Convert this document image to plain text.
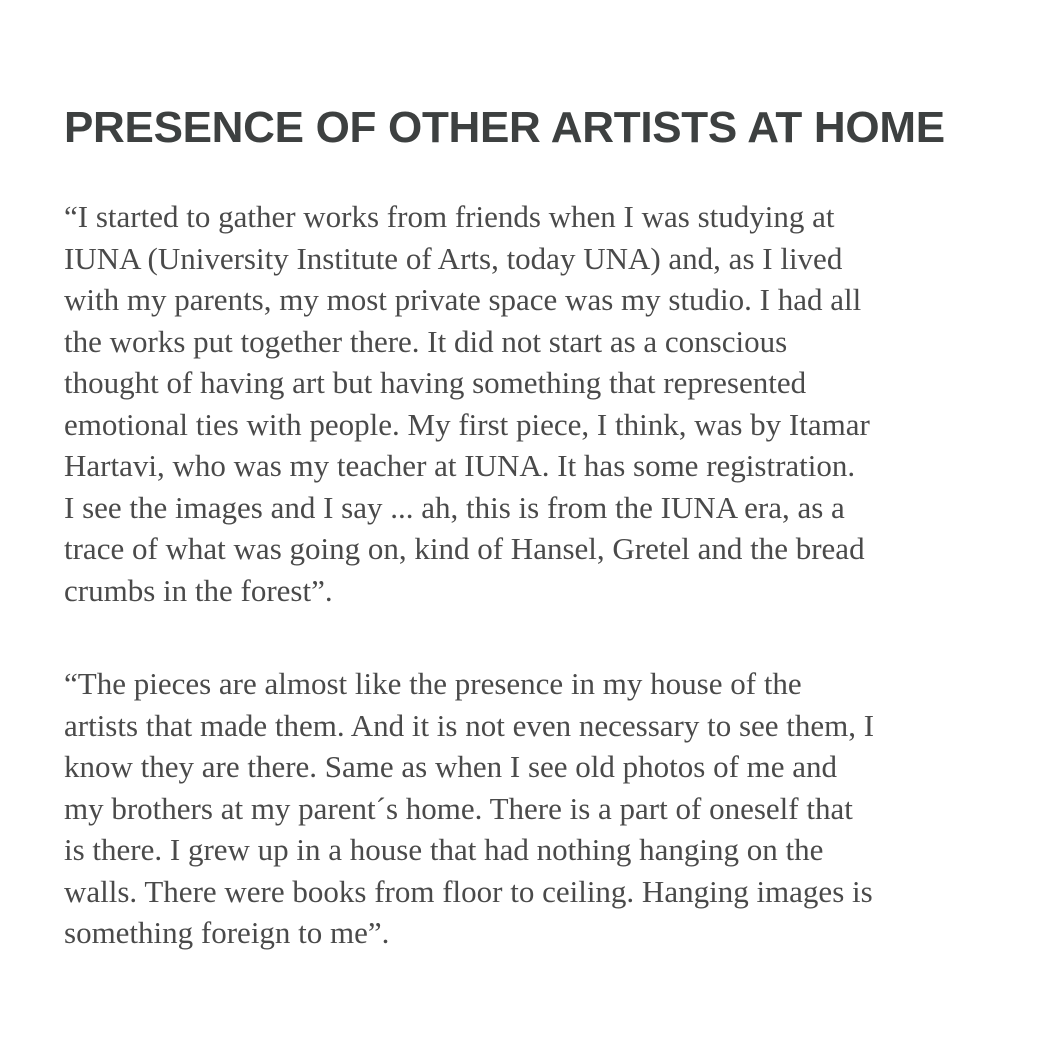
PRESENCE OF OTHER ARTISTS AT HOME
“I started to gather works from friends when I was studying at
IUNA (University Institute of Arts, today UNA) and, as I lived
with my parents, my most private space was my studio. I had all
the works put together there. It did not start as a conscious
thought of having art but having something that represented
emotional ties with people. My first piece, I think, was by Itamar
Hartavi, who was my teacher at IUNA. It has some registration.
I see the images and I say ... ah, this is from the IUNA era, as a
trace of what was going on, kind of Hansel, Gretel and the bread
crumbs in the forest”.
“The pieces are almost like the presence in my house of the
artists that made them. And it is not even necessary to see them, I
know they are there. Same as when I see old photos of me and
my brothers at my parent´s home. There is a part of oneself that
is there. I grew up in a house that had nothing hanging on the
walls. There were books from floor to ceiling. Hanging images is
something foreign to me”.
